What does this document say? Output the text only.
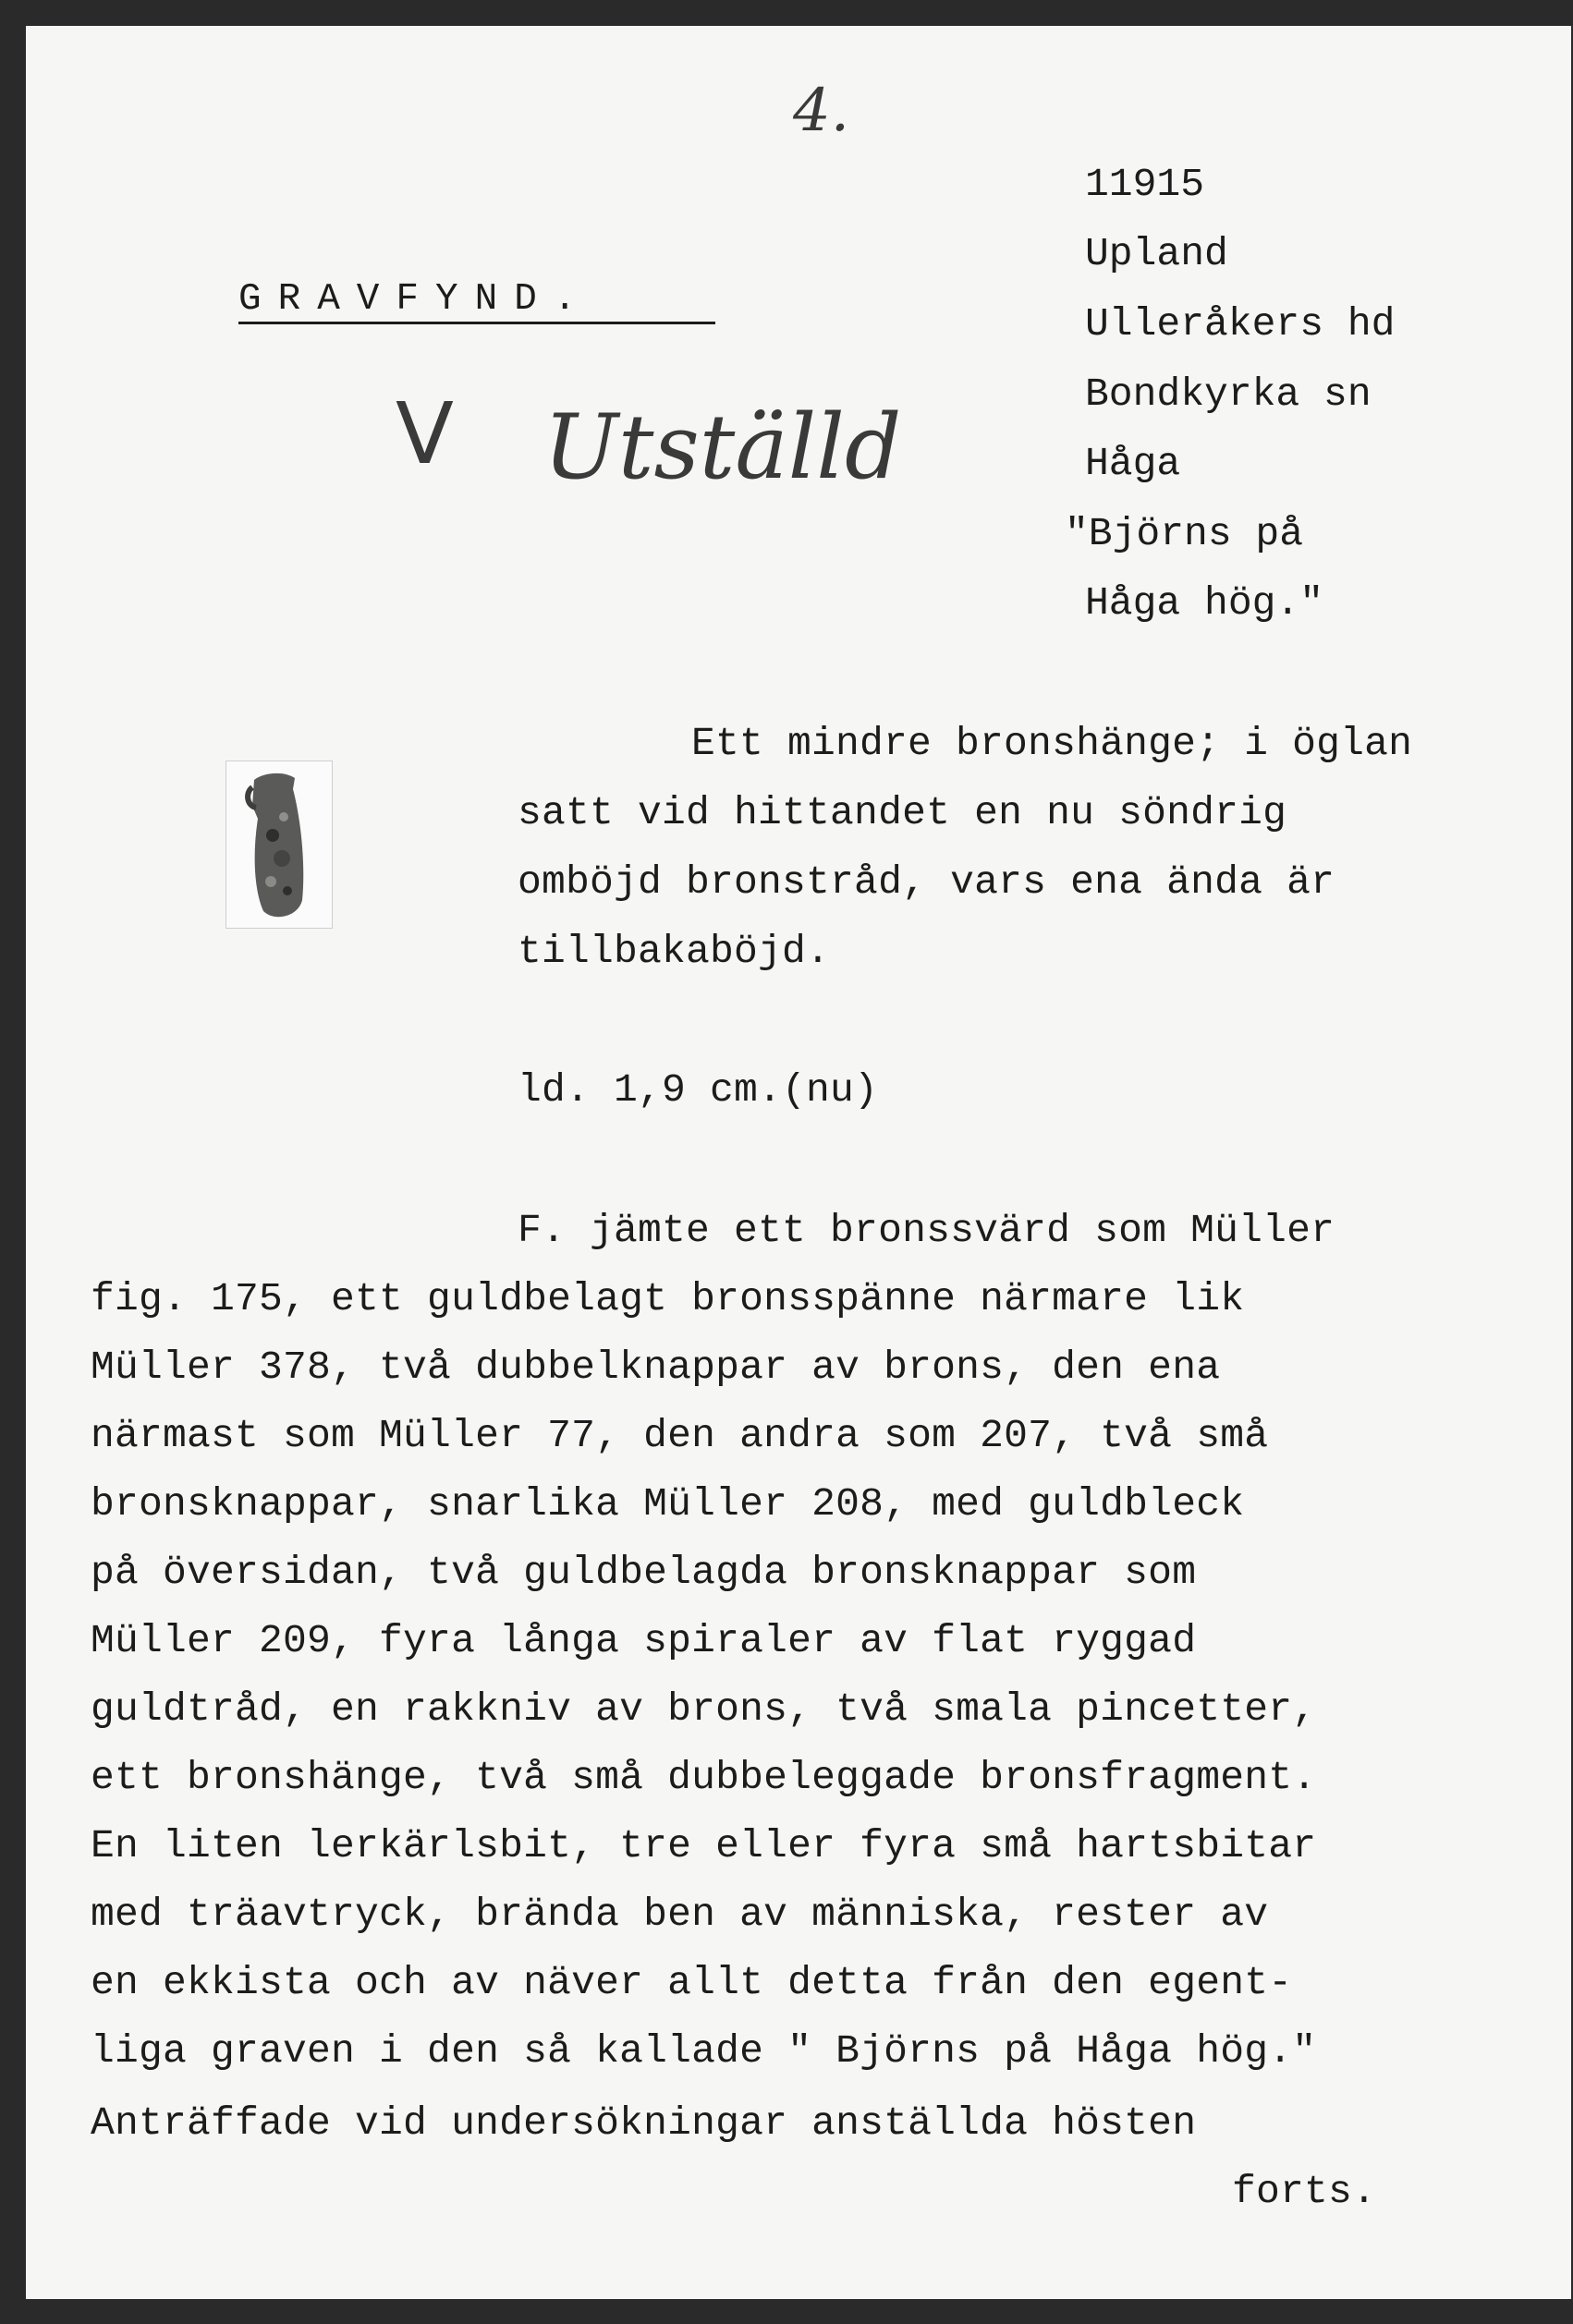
4.
11915
Upland
Ulleråkers hd
Bondkyrka sn
Håga
"Björns på
Håga hög."
GRAVFYND.
V Utställd
Ett mindre bronshänge; i öglan
satt vid hittandet en nu söndrig
omböjd bronstråd, vars ena ända är
tillbakaböjd.
ld. 1,9 cm.(nu)
F. jämte ett bronssvärd som Müller
fig. 175, ett guldbelagt bronsspänne närmare lik
Müller 378, två dubbelknappar av brons, den ena
närmast som Müller 77, den andra som 207, två små
bronsknappar, snarlika Müller 208, med guldbleck
på översidan, två guldbelagda bronsknappar som
Müller 209, fyra långa spiraler av flat ryggad
guldtråd, en rakkniv av brons, två smala pincetter,
ett bronshänge, två små dubbeleggade bronsfragment.
En liten lerkärlsbit, tre eller fyra små hartsbitar
med träavtryck, brända ben av människa, rester av
en ekkista och av näver allt detta från den egent-
liga graven i den så kallade " Björns på Håga hög."
Anträffade vid undersökningar anställda hösten
forts.
